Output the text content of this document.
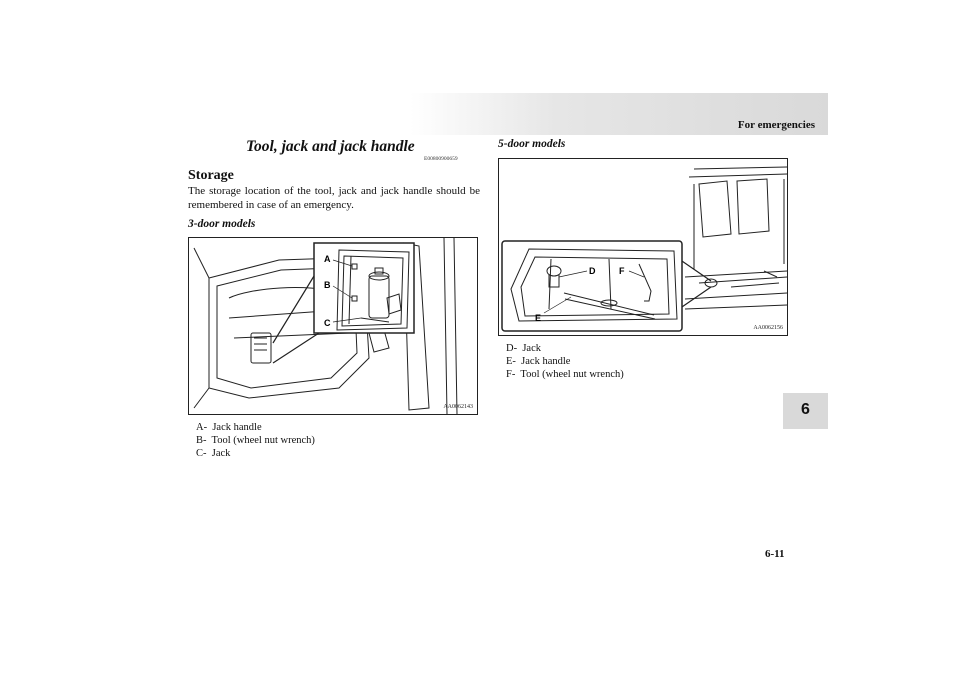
For emergencies
6
Tool, jack and jack handle
E00800900659
Storage
The storage location of the tool, jack and jack handle should be remembered in case of an emergency.
3-door models
A
B
C
AA0062143
A-  Jack handle
B-  Tool (wheel nut wrench)
C-  Jack
5-door models
D
E
F
AA0062156
D-  Jack
E-  Jack handle
F-  Tool (wheel nut wrench)
6-11
